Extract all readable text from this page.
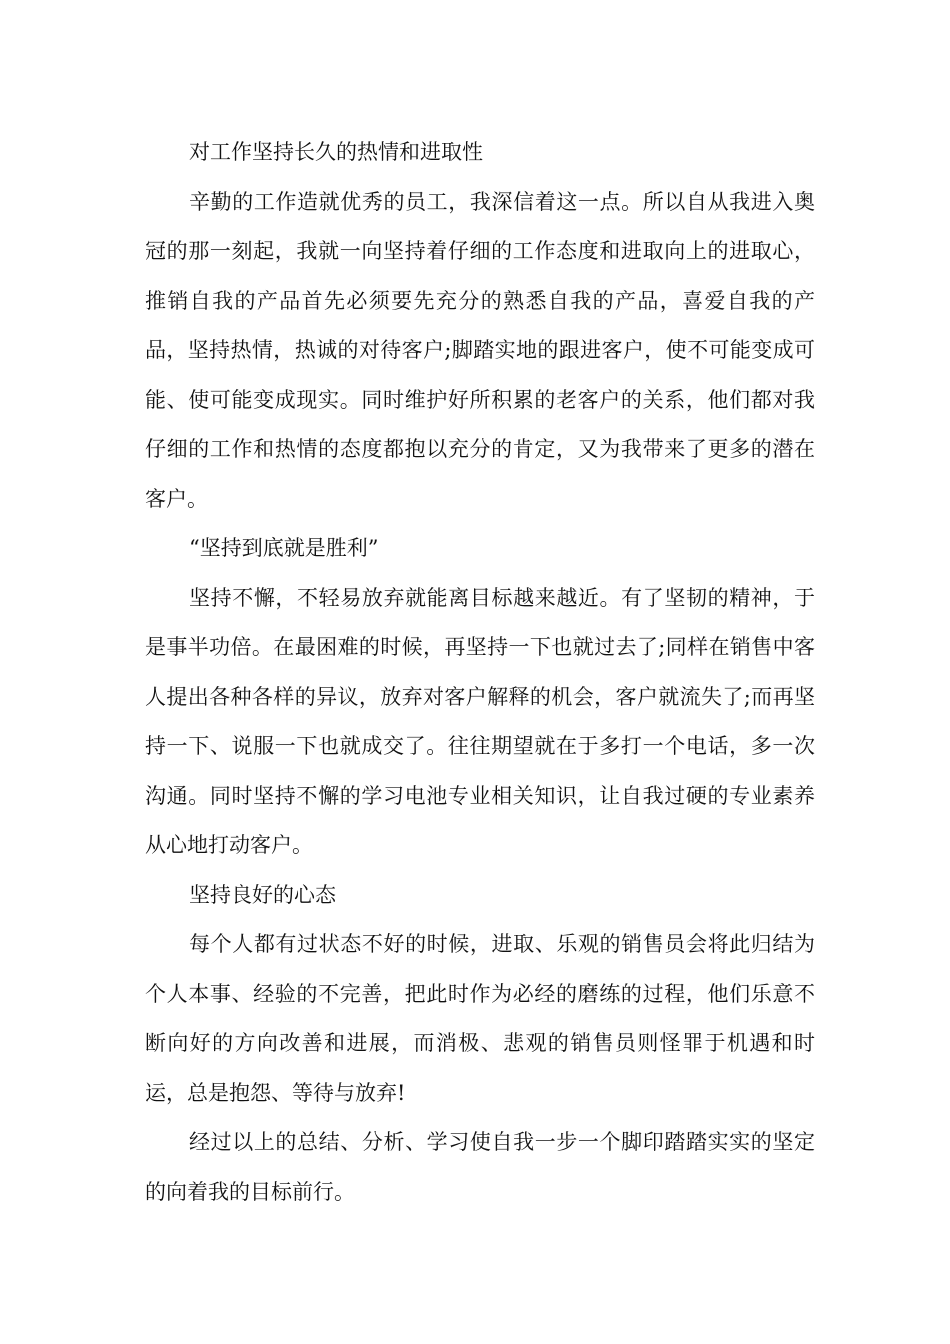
对工作坚持长久的热情和进取性

辛勤的工作造就优秀的员工，我深信着这一点。所以自从我进入奥冠的那一刻起，我就一向坚持着仔细的工作态度和进取向上的进取心，推销自我的产品首先必须要先充分的熟悉自我的产品，喜爱自我的产品，坚持热情，热诚的对待客户;脚踏实地的跟进客户，使不可能变成可能、使可能变成现实。同时维护好所积累的老客户的关系，他们都对我仔细的工作和热情的态度都抱以充分的肯定，又为我带来了更多的潜在客户。

“坚持到底就是胜利”

坚持不懈，不轻易放弃就能离目标越来越近。有了坚韧的精神，于是事半功倍。在最困难的时候，再坚持一下也就过去了;同样在销售中客人提出各种各样的异议，放弃对客户解释的机会，客户就流失了;而再坚持一下、说服一下也就成交了。往往期望就在于多打一个电话，多一次沟通。同时坚持不懈的学习电池专业相关知识，让自我过硬的专业素养从心地打动客户。

坚持良好的心态

每个人都有过状态不好的时候，进取、乐观的销售员会将此归结为个人本事、经验的不完善，把此时作为必经的磨练的过程，他们乐意不断向好的方向改善和进展，而消极、悲观的销售员则怪罪于机遇和时运，总是抱怨、等待与放弃!

经过以上的总结、分析、学习使自我一步一个脚印踏踏实实的坚定的向着我的目标前行。
